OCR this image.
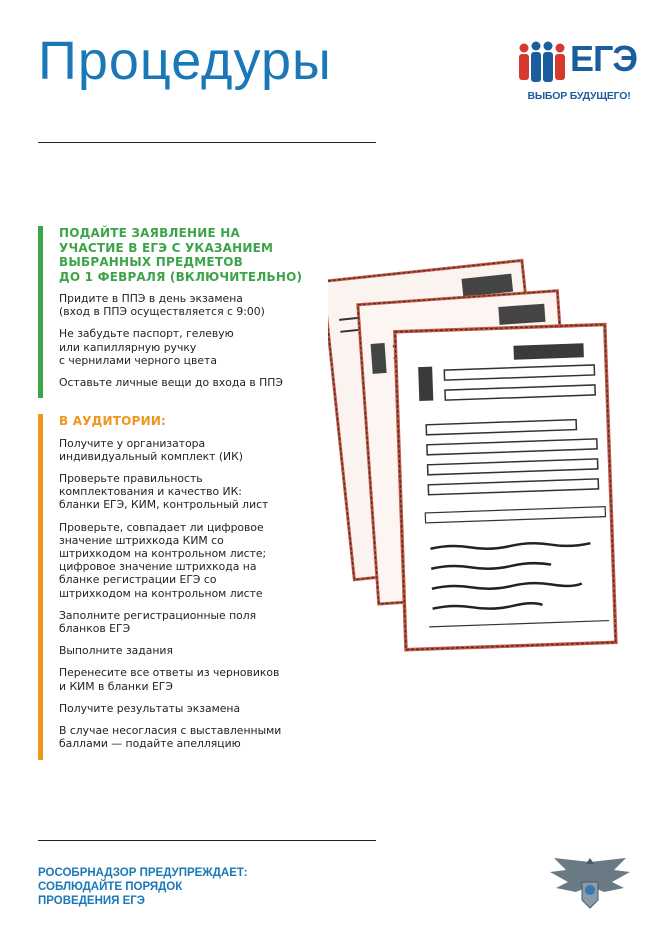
Процедуры	ЕГЭ
ВЫБОР БУДУЩЕГО!

ПОДАЙТЕ ЗАЯВЛЕНИЕ НА
УЧАСТИЕ В ЕГЭ С УКАЗАНИЕМ
ВЫБРАННЫХ ПРЕДМЕТОВ
ДО 1 ФЕВРАЛЯ (ВКЛЮЧИТЕЛЬНО)

Придите в ППЭ в день экзамена
(вход в ППЭ осуществляется с 9:00)

Не забудьте паспорт, гелевую
или капиллярную ручку
с чернилами черного цвета

Оставьте личные вещи до входа в ППЭ

В АУДИТОРИИ:

Получите у организатора
индивидуальный комплект (ИК)

Проверьте правильность
комплектования и качество ИК:
бланки ЕГЭ, КИМ, контрольный лист

Проверьте, совпадает ли цифровое
значение штрихкода КИМ со
штрихкодом на контрольном листе;
цифровое значение штрихкода на
бланке регистрации ЕГЭ со
штрихкодом на контрольном листе

Заполните регистрационные поля
бланков ЕГЭ

Выполните задания

Перенесите все ответы из черновиков
и КИМ в бланки ЕГЭ

Получите результаты экзамена

В случае несогласия с выставленными
баллами — подайте апелляцию

РОСОБРНАДЗОР ПРЕДУПРЕЖДАЕТ:
СОБЛЮДАЙТЕ ПОРЯДОК
ПРОВЕДЕНИЯ ЕГЭ
